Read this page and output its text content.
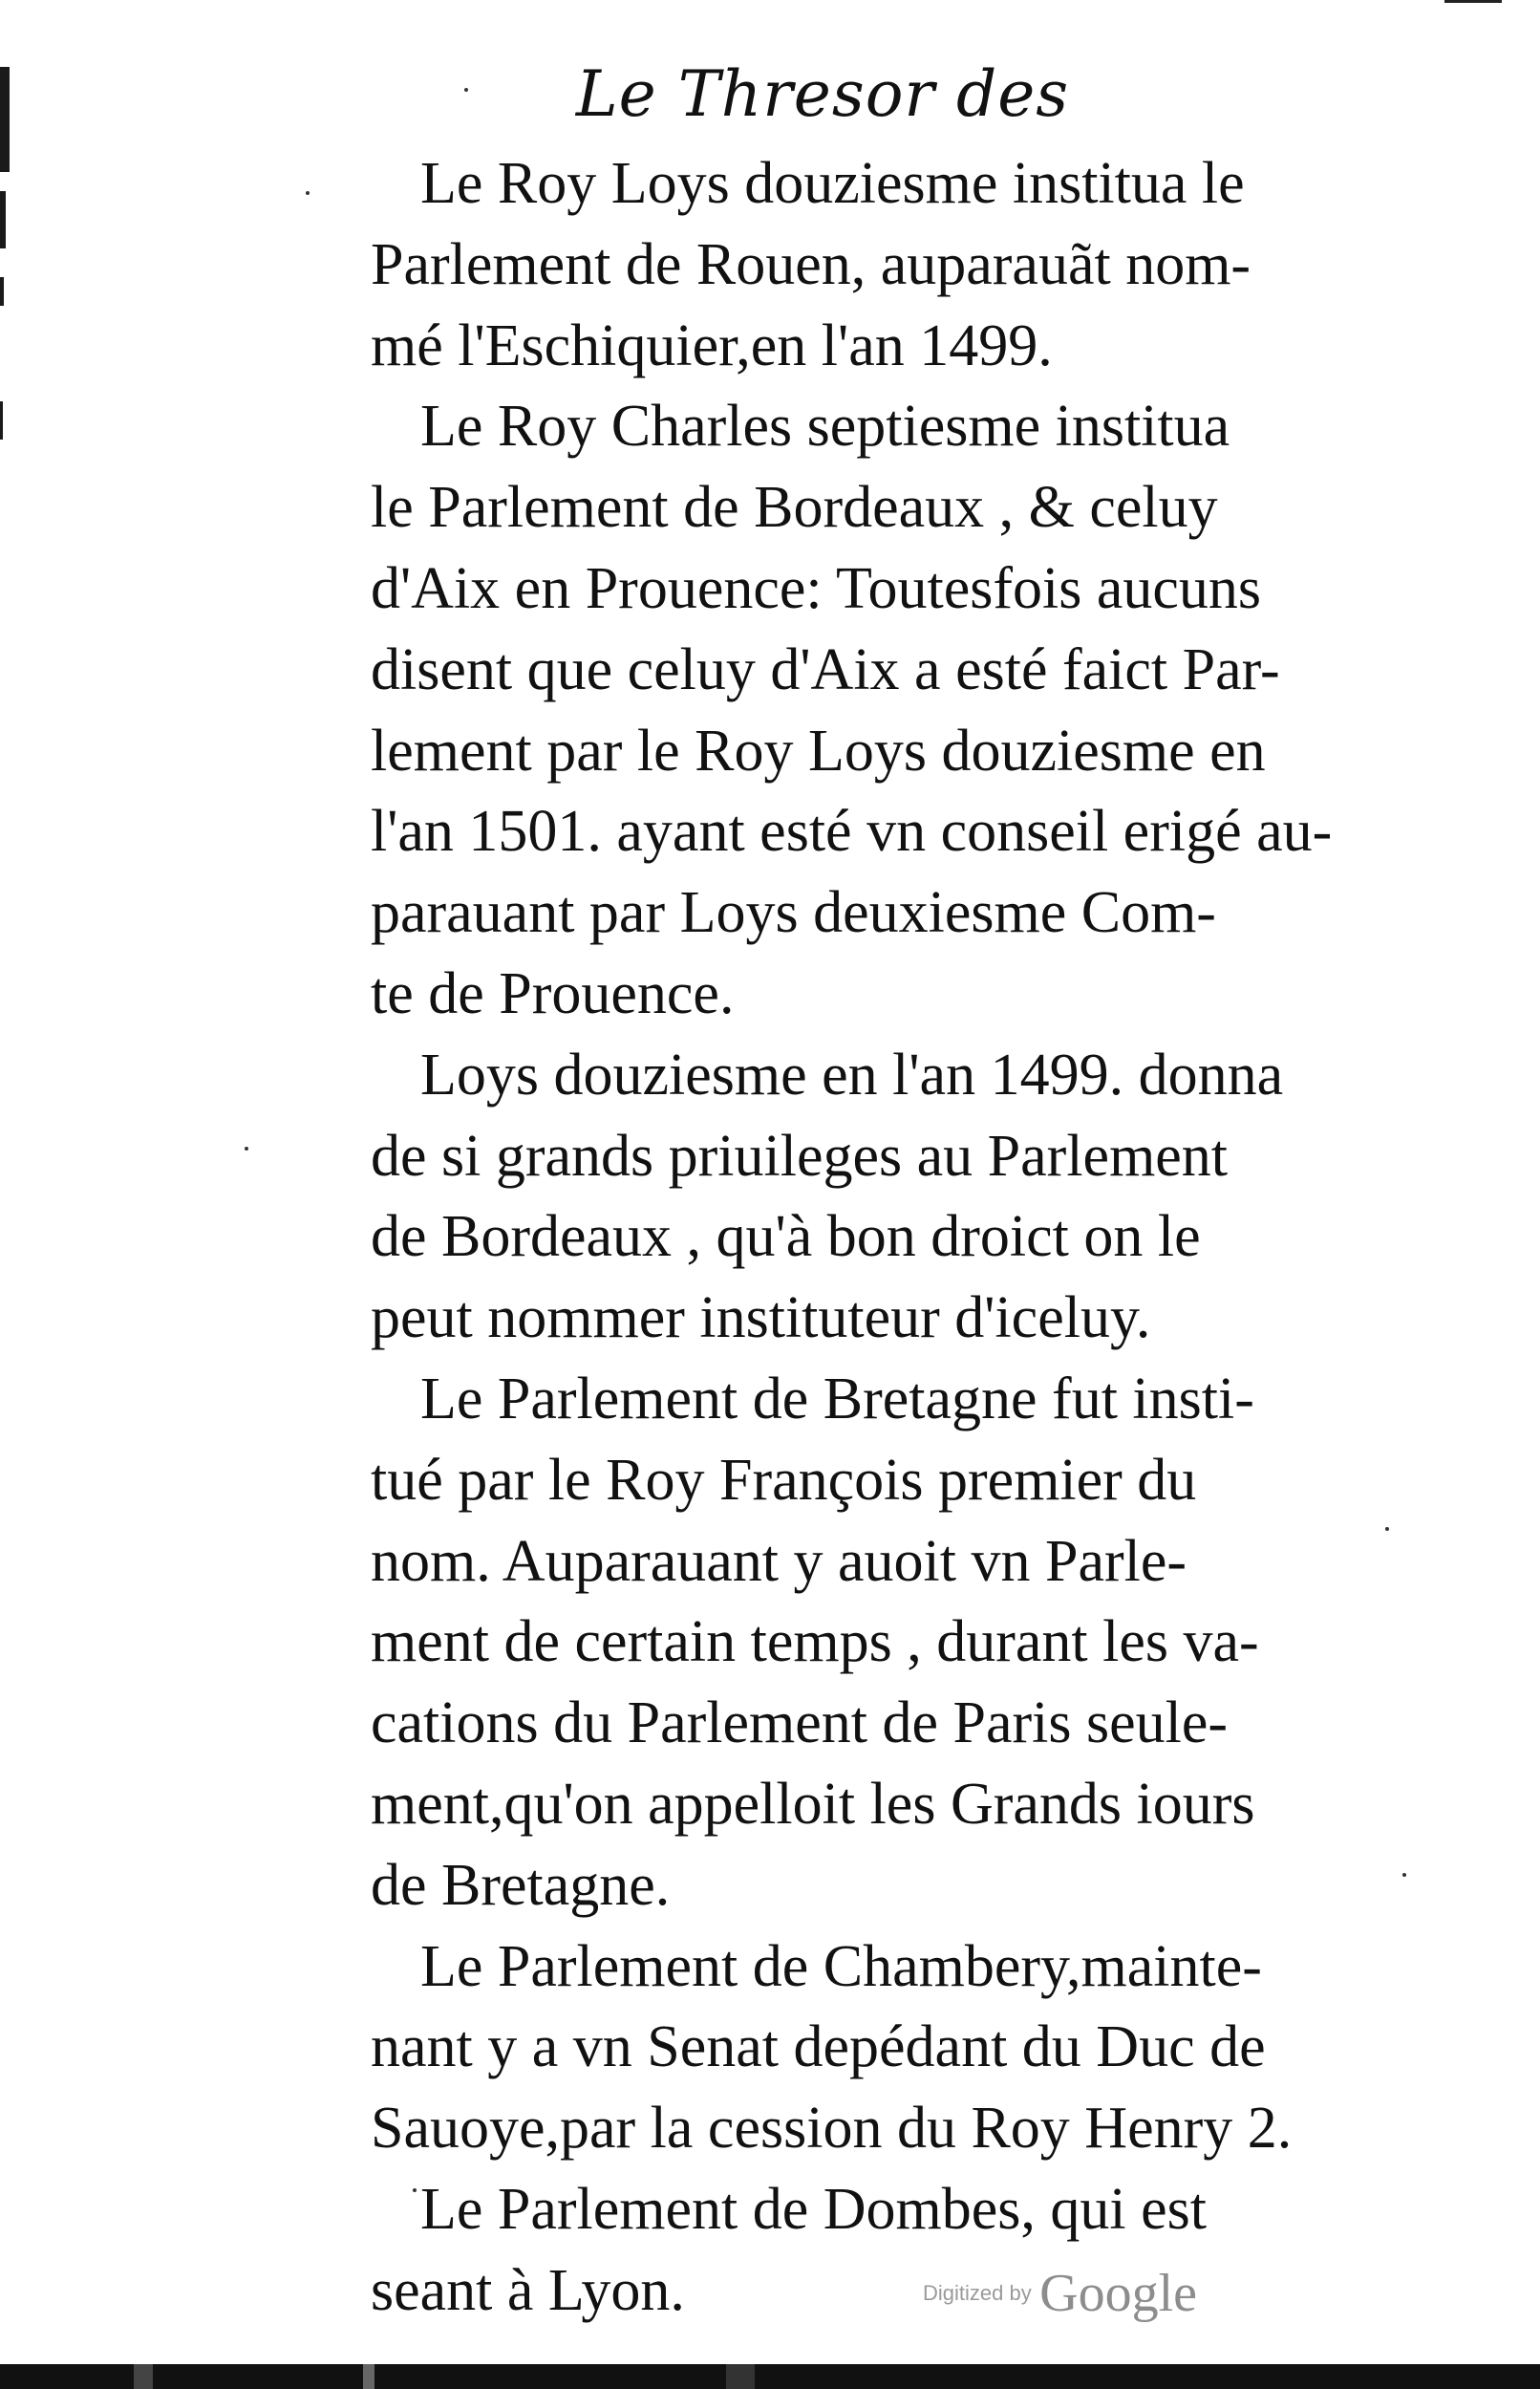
Le Thresor des

Le Roy Loys douziesme institua le
Parlement de Rouen, auparauãt nom-
mé l'Eschiquier,en l'an 1499.

Le Roy Charles septiesme institua
le Parlement de Bordeaux , & celuy
d'Aix en Prouence: Toutesfois aucuns
disent que celuy d'Aix a esté faict Par-
lement par le Roy Loys douziesme en
l'an 1501. ayant esté vn conseil erigé au-
parauant par Loys deuxiesme Com-
te de Prouence.

Loys douziesme en l'an 1499. donna
de si grands priuileges au Parlement
de Bordeaux , qu'à bon droict on le
peut nommer instituteur d'iceluy.

Le Parlement de Bretagne fut insti-
tué par le Roy François premier du
nom. Auparauant y auoit vn Parle-
ment de certain temps , durant les va-
cations du Parlement de Paris seule-
ment,qu'on appelloit les Grands iours
de Bretagne.

Le Parlement de Chambery,mainte-
nant y a vn Senat depédant du Duc de
Sauoye,par la cession du Roy Henry 2.

Le Parlement de Dombes, qui est
seant à Lyon.	Digitized by Google
